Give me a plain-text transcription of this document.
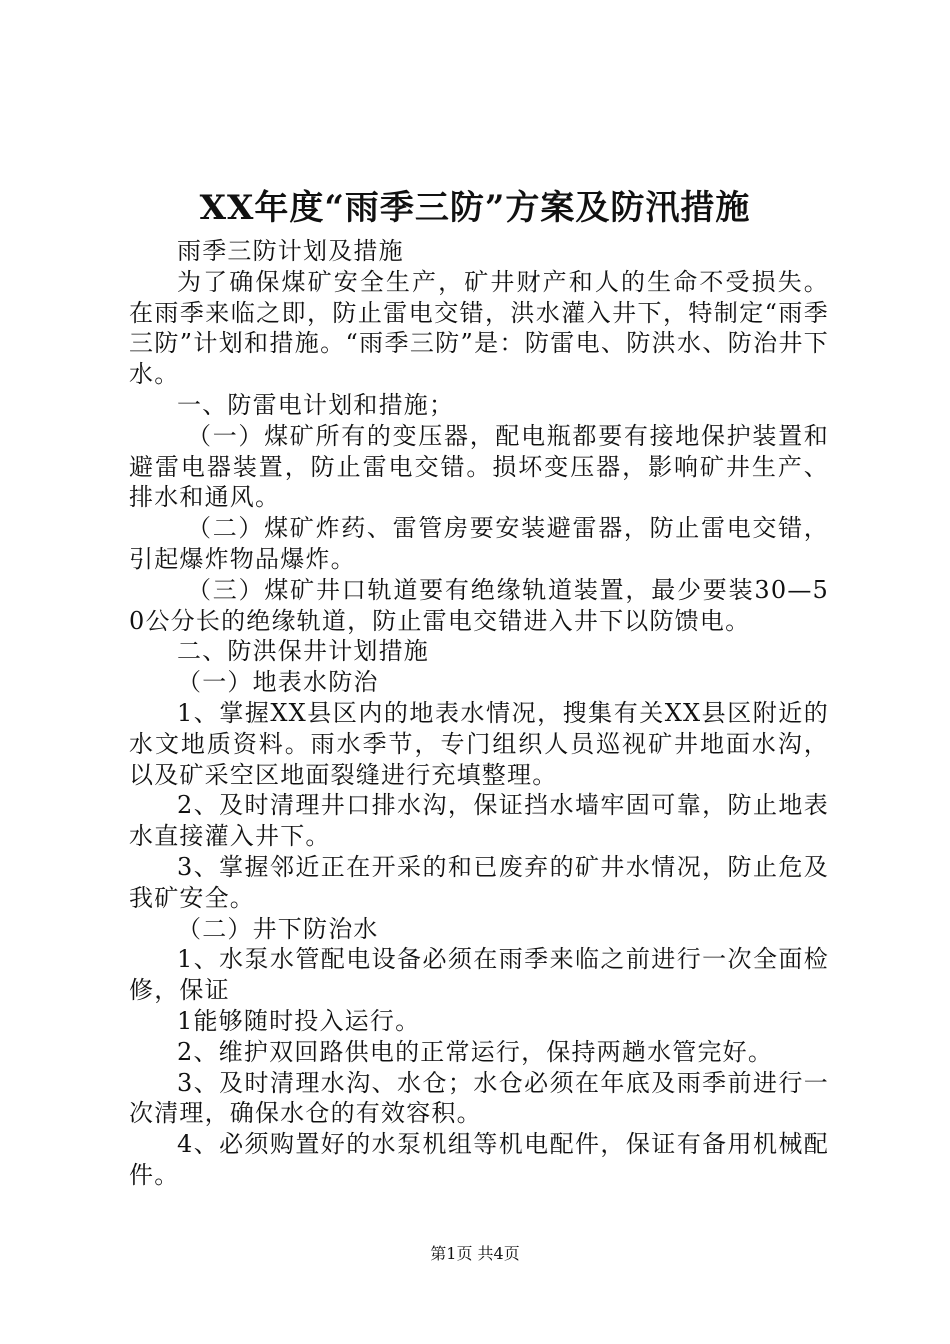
XX年度“雨季三防”方案及防汛措施

雨季三防计划及措施

为了确保煤矿安全生产，矿井财产和人的生命不受损失。在雨季来临之即，防止雷电交错，洪水灌入井下，特制定“雨季三防”计划和措施。“雨季三防”是：防雷电、防洪水、防治井下水。

一、防雷电计划和措施；

（一）煤矿所有的变压器，配电瓶都要有接地保护装置和避雷电器装置，防止雷电交错。损坏变压器，影响矿井生产、排水和通风。

（二）煤矿炸药、雷管房要安装避雷器，防止雷电交错，引起爆炸物品爆炸。

（三）煤矿井口轨道要有绝缘轨道装置，最少要装30—50公分长的绝缘轨道，防止雷电交错进入井下以防馈电。

二、防洪保井计划措施

（一）地表水防治

1、掌握XX县区内的地表水情况，搜集有关XX县区附近的水文地质资料。雨水季节，专门组织人员巡视矿井地面水沟，以及矿采空区地面裂缝进行充填整理。

2、及时清理井口排水沟，保证挡水墙牢固可靠，防止地表水直接灌入井下。

3、掌握邻近正在开采的和已废弃的矿井水情况，防止危及我矿安全。

（二）井下防治水

1、水泵水管配电设备必须在雨季来临之前进行一次全面检修，保证

1能够随时投入运行。

2、维护双回路供电的正常运行，保持两趟水管完好。

3、及时清理水沟、水仓；水仓必须在年底及雨季前进行一次清理，确保水仓的有效容积。

4、必须购置好的水泵机组等机电配件，保证有备用机械配件。

第1页 共4页
